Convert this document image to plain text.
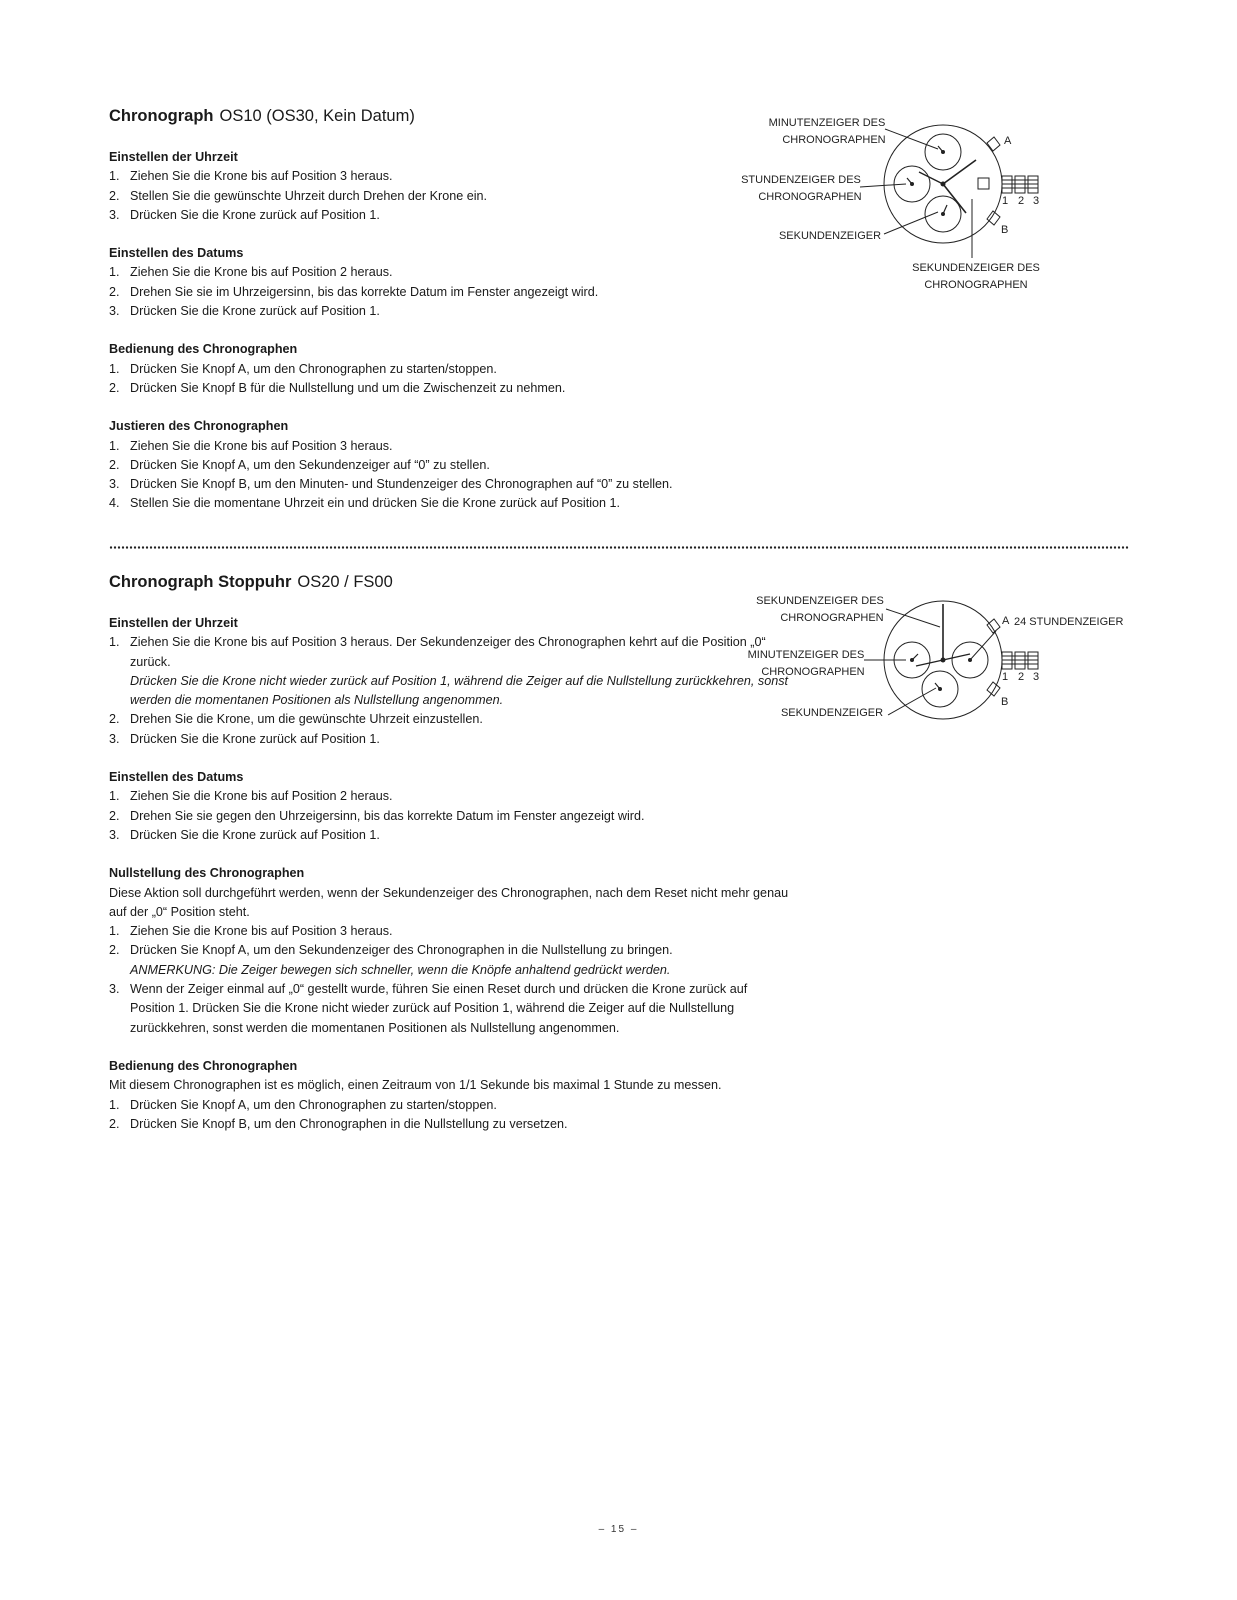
Chronograph OS10 (OS30, Kein Datum)
Einstellen der Uhrzeit
1. Ziehen Sie die Krone bis auf Position 3 heraus.
2. Stellen Sie die gewünschte Uhrzeit durch Drehen der Krone ein.
3. Drücken Sie die Krone zurück auf Position 1.
Einstellen des Datums
1. Ziehen Sie die Krone bis auf Position 2 heraus.
2. Drehen Sie sie im Uhrzeigersinn, bis das korrekte Datum im Fenster angezeigt wird.
3. Drücken Sie die Krone zurück auf Position 1.
Bedienung des Chronographen
1. Drücken Sie Knopf A, um den Chronographen zu starten/stoppen.
2. Drücken Sie Knopf B für die Nullstellung und um die Zwischenzeit zu nehmen.
Justieren des Chronographen
1. Ziehen Sie die Krone bis auf Position 3 heraus.
2. Drücken Sie Knopf A, um den Sekundenzeiger auf “0” zu stellen.
3. Drücken Sie Knopf B, um den Minuten- und Stundenzeiger des Chronographen auf “0” zu stellen.
4. Stellen Sie die momentane Uhrzeit ein und drücken Sie die Krone zurück auf Position 1.
MINUTENZEIGER DES
CHRONOGRAPHEN
STUNDENZEIGER DES
CHRONOGRAPHEN
SEKUNDENZEIGER
SEKUNDENZEIGER DES
CHRONOGRAPHEN
A
B
1 2 3
Chronograph Stoppuhr OS20 / FS00
Einstellen der Uhrzeit
1. Ziehen Sie die Krone bis auf Position 3 heraus. Der Sekundenzeiger des Chronographen kehrt auf die Position „0“ zurück.
Drücken Sie die Krone nicht wieder zurück auf Position 1, während die Zeiger auf die Nullstellung zurückkehren, sonst werden die momentanen Positionen als Nullstellung angenommen.
2. Drehen Sie die Krone, um die gewünschte Uhrzeit einzustellen.
3. Drücken Sie die Krone zurück auf Position 1.
Einstellen des Datums
1. Ziehen Sie die Krone bis auf Position 2 heraus.
2. Drehen Sie sie gegen den Uhrzeigersinn, bis das korrekte Datum im Fenster angezeigt wird.
3. Drücken Sie die Krone zurück auf Position 1.
Nullstellung des Chronographen
Diese Aktion soll durchgeführt werden, wenn der Sekundenzeiger des Chronographen, nach dem Reset nicht mehr genau auf der „0“ Position steht.
1. Ziehen Sie die Krone bis auf Position 3 heraus.
2. Drücken Sie Knopf A, um den Sekundenzeiger des Chronographen in die Nullstellung zu bringen.
ANMERKUNG: Die Zeiger bewegen sich schneller, wenn die Knöpfe anhaltend gedrückt werden.
3. Wenn der Zeiger einmal auf „0“ gestellt wurde, führen Sie einen Reset durch und drücken die Krone zurück auf Position 1. Drücken Sie die Krone nicht wieder zurück auf Position 1, während die Zeiger auf die Nullstellung zurückkehren, sonst werden die momentanen Positionen als Nullstellung angenommen.
Bedienung des Chronographen
Mit diesem Chronographen ist es möglich, einen Zeitraum von 1/1 Sekunde bis maximal 1 Stunde zu messen.
1. Drücken Sie Knopf A, um den Chronographen zu starten/stoppen.
2. Drücken Sie Knopf B, um den Chronographen in die Nullstellung zu versetzen.
SEKUNDENZEIGER DES
CHRONOGRAPHEN
MINUTENZEIGER DES
CHRONOGRAPHEN
SEKUNDENZEIGER
24 STUNDENZEIGER
A
B
1 2 3
– 15 –
